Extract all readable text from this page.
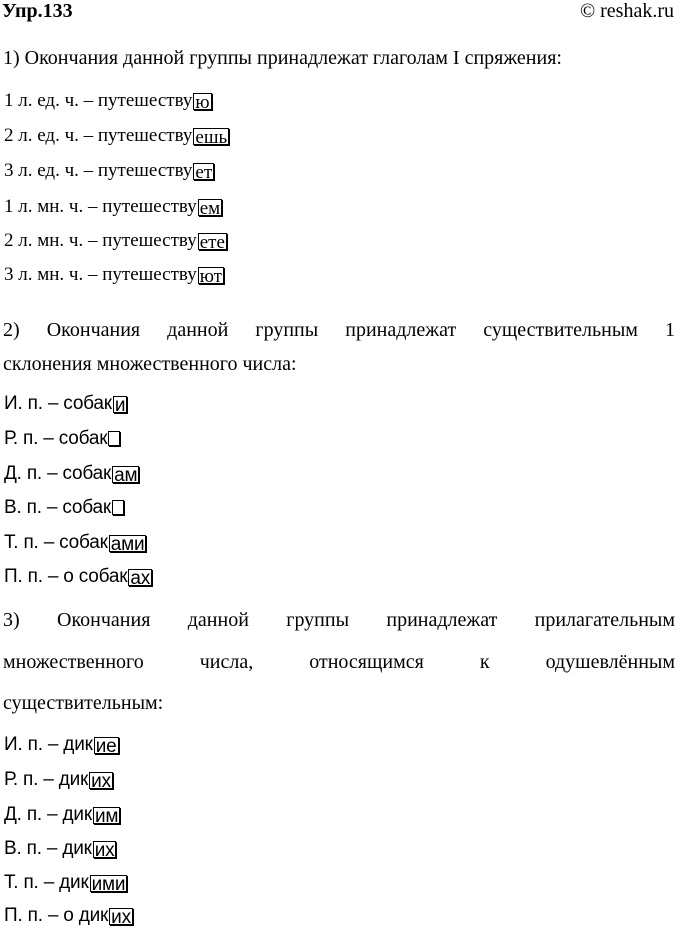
Упр.133	© reshak.ru
1) Окончания данной группы принадлежат глаголам I спряжения:
1 л. ед. ч. – путешеству ю
2 л. ед. ч. – путешеству ешь
3 л. ед. ч. – путешеству ет
1 л. мн. ч. – путешеству ем
2 л. мн. ч. – путешеству ете
3 л. мн. ч. – путешеству ют
2) Окончания данной группы принадлежат существительным 1
склонения множественного числа:
И. п. – собак и
Р. п. – собак
Д. п. – собак ам
В. п. – собак
Т. п. – собак ами
П. п. – о собак ах
3) Окончания данной группы принадлежат прилагательным
множественного числа, относящимся к одушевлённым
существительным:
И. п. – дик ие
Р. п. – дик их
Д. п. – дик им
В. п. – дик их
Т. п. – дик ими
П. п. – о дик их
